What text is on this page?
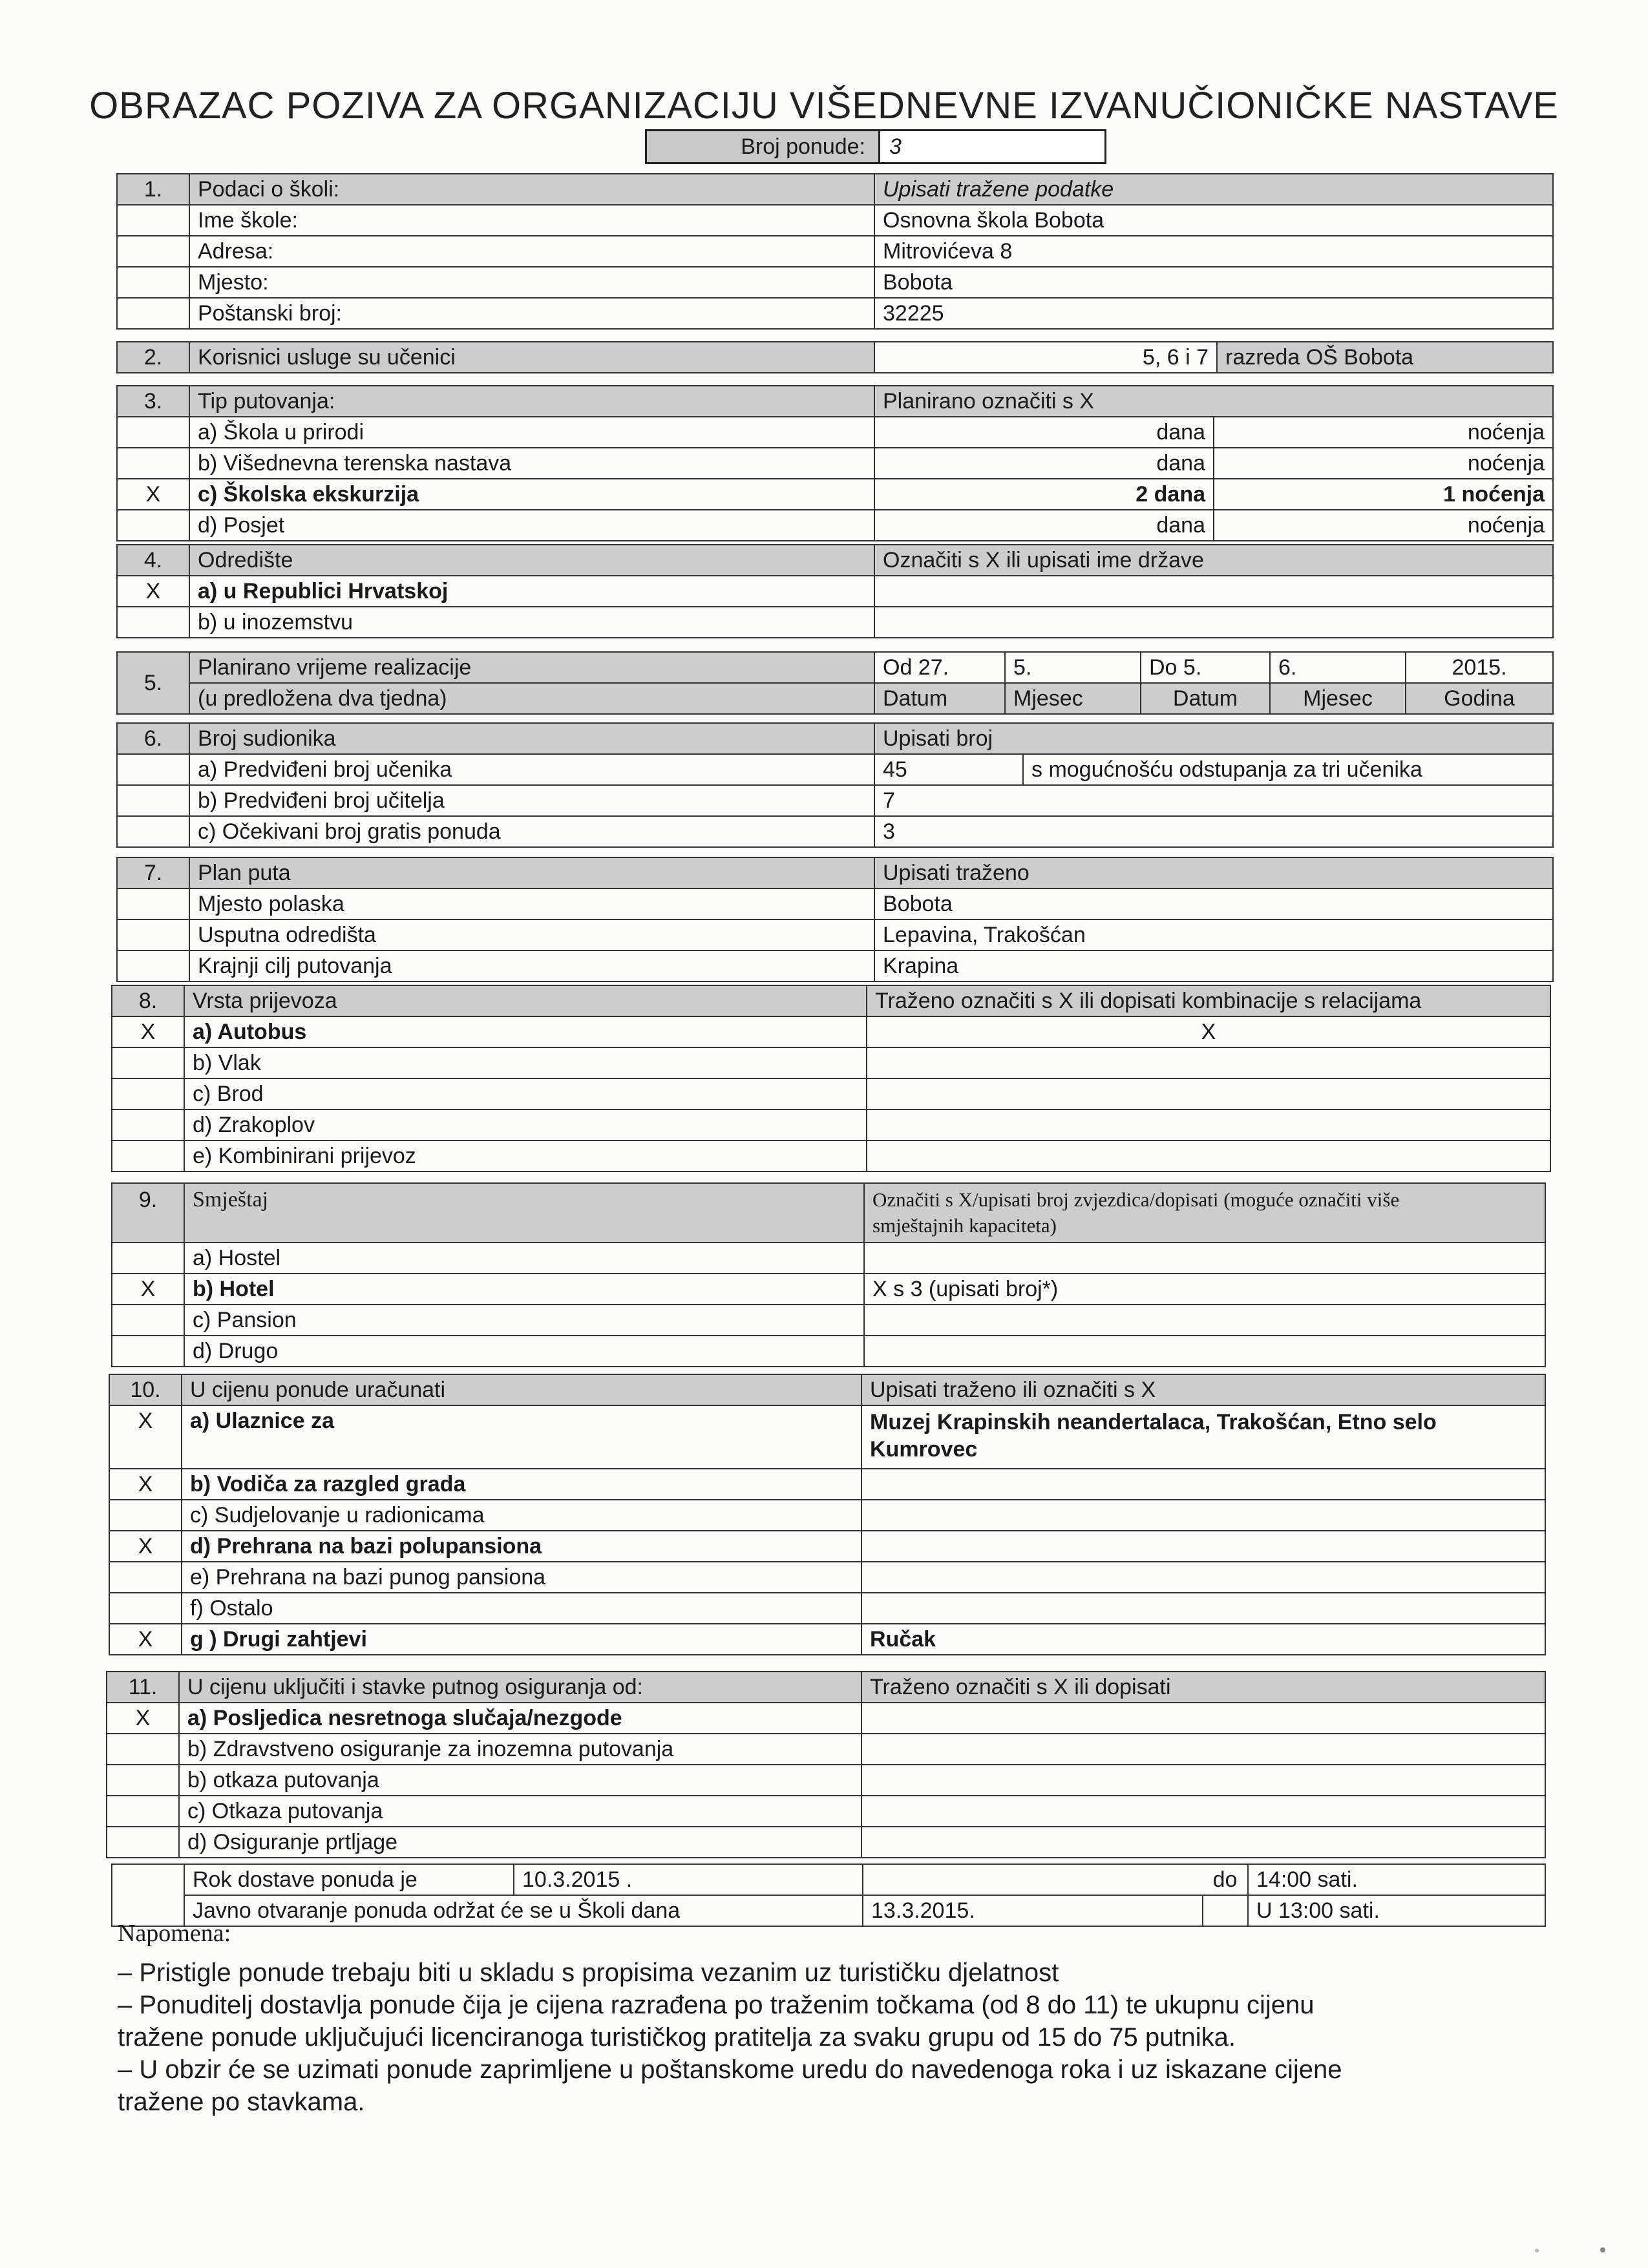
OBRAZAC POZIVA ZA ORGANIZACIJU VIŠEDNEVNE IZVANUČIONIČKE NASTAVE
Broj ponude:	3
1.	Podaci o školi:	Upisati tražene podatke
	Ime škole:	Osnovna škola Bobota
	Adresa:	Mitrovićeva 8
	Mjesto:	Bobota
	Poštanski broj:	32225
2.	Korisnici usluge su učenici	5, 6 i 7	razreda OŠ Bobota
3.	Tip putovanja:	Planirano označiti s X	
	a) Škola u prirodi	dana	noćenja
	b) Višednevna terenska nastava	dana	noćenja
X	c) Školska ekskurzija	2 dana	1 noćenja
	d) Posjet	dana	noćenja
4.	Odredište	Označiti s X ili upisati ime države
X	a) u Republici Hrvatskoj	
	b) u inozemstvu	
5.	Planirano vrijeme realizacije	Od 27.	5.	Do 5.	6.	2015.
	(u predložena dva tjedna)	Datum	Mjesec	Datum	Mjesec	Godina
6.	Broj sudionika	Upisati broj	
	a) Predviđeni broj učenika	45	s mogućnošću odstupanja za tri učenika
	b) Predviđeni broj učitelja	7	
	c) Očekivani broj gratis ponuda	3	
7.	Plan puta	Upisati traženo
	Mjesto polaska	Bobota
	Usputna odredišta	Lepavina, Trakošćan
	Krajnji cilj putovanja	Krapina
8.	Vrsta prijevoza	Traženo označiti s X ili dopisati kombinacije s relacijama
X	a) Autobus	X
	b) Vlak	
	c) Brod	
	d) Zrakoplov	
	e) Kombinirani prijevoz	
9.	Smještaj	Označiti s X/upisati broj zvjezdica/dopisati (moguće označiti više
smještajnih kapaciteta)

	a) Hostel	
X	b) Hotel	X s 3 (upisati broj*)
	c) Pansion	
	d) Drugo	
10.	U cijenu ponude uračunati	Upisati traženo ili označiti s X
X	a) Ulaznice za	Muzej Krapinskih neandertalaca, Trakošćan, Etno selo
Kumrovec

X	b) Vodiča za razgled grada	
	c) Sudjelovanje u radionicama	
X	d) Prehrana na bazi polupansiona	
	e) Prehrana na bazi punog pansiona	
	f) Ostalo	
X	g ) Drugi zahtjevi	Ručak
11.	U cijenu uključiti i stavke putnog osiguranja od:	Traženo označiti s X ili dopisati
X	a) Posljedica nesretnoga slučaja/nezgode	
	b) Zdravstveno osiguranje za inozemna putovanja	
	b) otkaza putovanja	
	c) Otkaza putovanja	
	d) Osiguranje prtljage	
	Rok dostave ponuda je	10.3.2015 .		do	14:00 sati.
	Javno otvaranje ponuda održat će se u Školi dana		13.3.2015.		U 13:00 sati.
Napomena:

– Pristigle ponude trebaju biti u skladu s propisima vezanim uz turističku djelatnost

– Ponuditelj dostavlja ponude čija je cijena razrađena po traženim točkama (od 8 do 11) te ukupnu cijenu

tražene ponude uključujući licenciranoga turističkog pratitelja za svaku grupu od 15 do 75 putnika.

– U obzir će se uzimati ponude zaprimljene u poštanskome uredu do navedenoga roka i uz iskazane cijene

tražene po stavkama.
